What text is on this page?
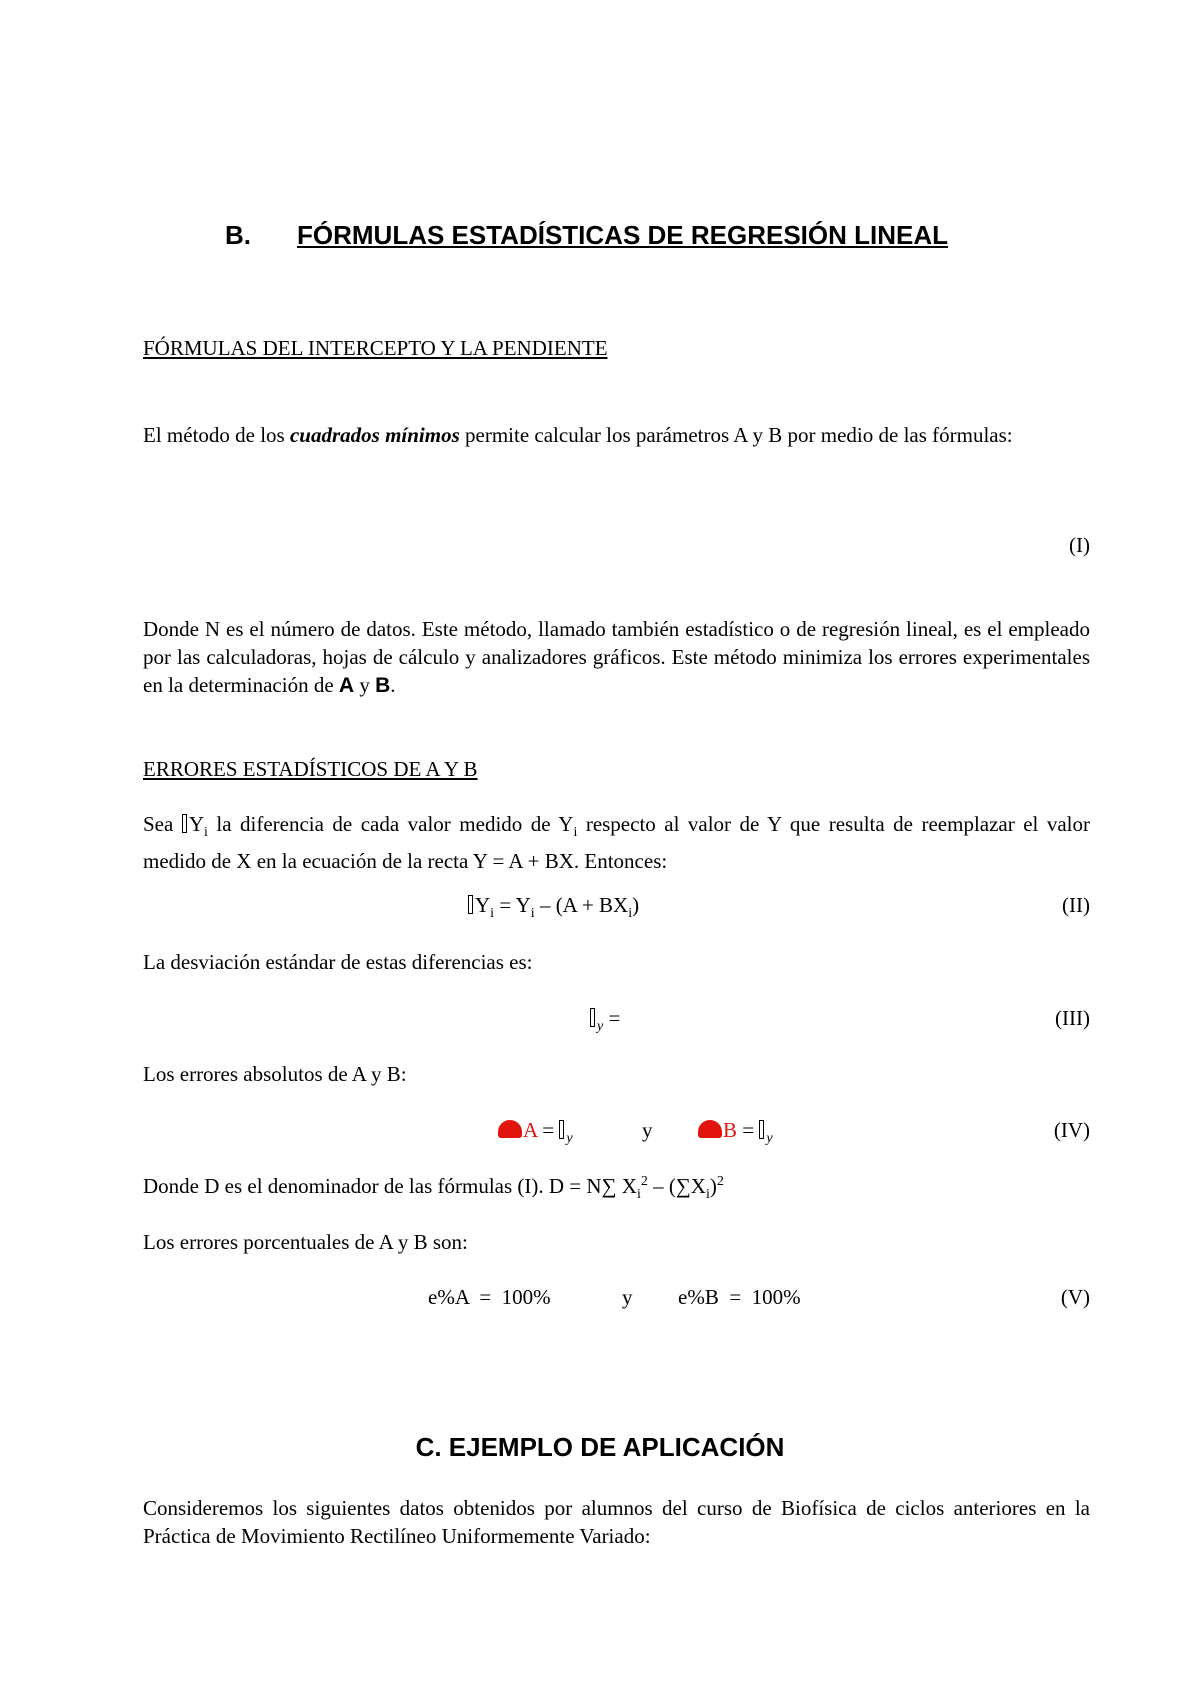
B. FÓRMULAS ESTADÍSTICAS DE REGRESIÓN LINEAL
FÓRMULAS DEL INTERCEPTO Y LA PENDIENTE
El método de los cuadrados mínimos permite calcular los parámetros A y B por medio de las fórmulas:
(I)
Donde N es el número de datos. Este método, llamado también estadístico o de regresión lineal, es el empleado por las calculadoras, hojas de cálculo y analizadores gráficos. Este método minimiza los errores experimentales en la determinación de A y B.
ERRORES ESTADÍSTICOS DE A Y B
Sea $Y_i$ la diferencia de cada valor medido de $Y_i$ respecto al valor de Y que resulta de reemplazar el valor medido de X en la ecuación de la recta Y = A + BX. Entonces:
$Y_i = Y_i - (A + BX_i)$	(II)
La desviación estándar de estas diferencias es:
$_y$ =	(III)
Los errores absolutos de A y B:
A = $_y$	y	B = $_y$	(IV)
Donde D es el denominador de las fórmulas (I). D = N∑ $X_i^2 - (\sum X_i)^2$
Los errores porcentuales de A y B son:
e%A  =  100%	y e%B  =  100%	(V)
C. EJEMPLO DE APLICACIÓN
Consideremos los siguientes datos obtenidos por alumnos del curso de Biofísica de ciclos anteriores en la Práctica de Movimiento Rectilíneo Uniformemente Variado:
